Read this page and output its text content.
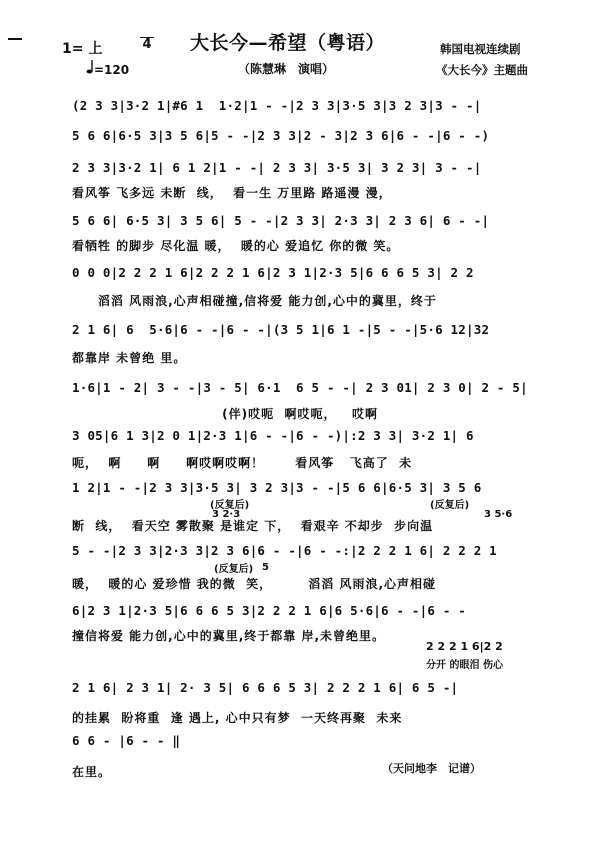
大长今—希望（粤语）
（陈慧琳　演唱）
韩国电视连续剧
《大长今》主题曲
1= 上	4
=120
(2 3 3|3·2 1|#6 1  1·2|1 - -|2 3 3|3·5 3|3 2 3|3 - -|
5 6 6|6·5 3|3 5 6|5 - -|2 3 3|2 - 3|2 3 6|6 - -|6 - -)
2 3 3|3·2 1| 6 1 2|1 - -| 2 3 3| 3·5 3| 3 2 3| 3 - -|
看风筝 飞多远 未断  线，  看一生 万里路 路遥漫 漫，
5 6 6| 6·5 3| 3 5 6| 5 - -|2 3 3| 2·3 3| 2 3 6| 6 - -|
看牺牲 的脚步 尽化温 暖，  暖的心 爱追忆 你的微 笑。
0 0 0|2 2 2 1 6|2 2 2 1 6|2 3 1|2·3 5|6 6 6 5 3| 2 2
滔滔 风雨浪,心声相碰撞,信将爱 能力创,心中的冀里，终于
2 1 6| 6  5·6|6 - -|6 - -|(3 5 1|6 1 -|5 - -|5·6 12|32
都靠岸 未曾绝 里。
1·6|1 - 2| 3 - -|3 - 5| 6·1  6 5 - -| 2 3 01| 2 3 0| 2 - 5|
(伴)哎呃  啊哎呃，   哎啊
3 05|6 1 3|2 0 1|2·3 1|6 - -|6 - -)|:2 3 3| 3·2 1| 6
呃，  啊     啊     啊哎啊哎啊！      看风筝   飞高了  未
1 2|1 - -|2 3 3|3·5 3| 3 2 3|3 - -|5 6 6|6·5 3| 3 5 6
断  线，  看天空 雾散聚 是谁定 下，  看艰辛 不却步  步向温
5 - -|2 3 3|2·3 3|2 3 6|6 - -|6 - -:|2 2 2 1 6| 2 2 2 1
暖，  暖的心 爱珍惜 我的微  笑，       滔滔 风雨浪,心声相碰
6|2 3 1|2·3 5|6 6 6 5 3|2 2 2 1 6|6 5·6|6 - -|6 - -
撞信将爱 能力创,心中的冀里,终于都靠 岸,未曾绝里。
2 1 6| 2 3 1| 2· 3 5| 6 6 6 5 3| 2 2 2 1 6| 6 5 -|
的挂累  盼将重  逢 遇上, 心中只有梦  一天终再聚  未来
6 6 - |6 - - ‖
在里。
(反复后)
3 2·3
(反复后)
3 5·6
(反复后) 5
2 2 2 1 6|2 2
分开 的眼泪 伤心
（天问地李　记谱）
